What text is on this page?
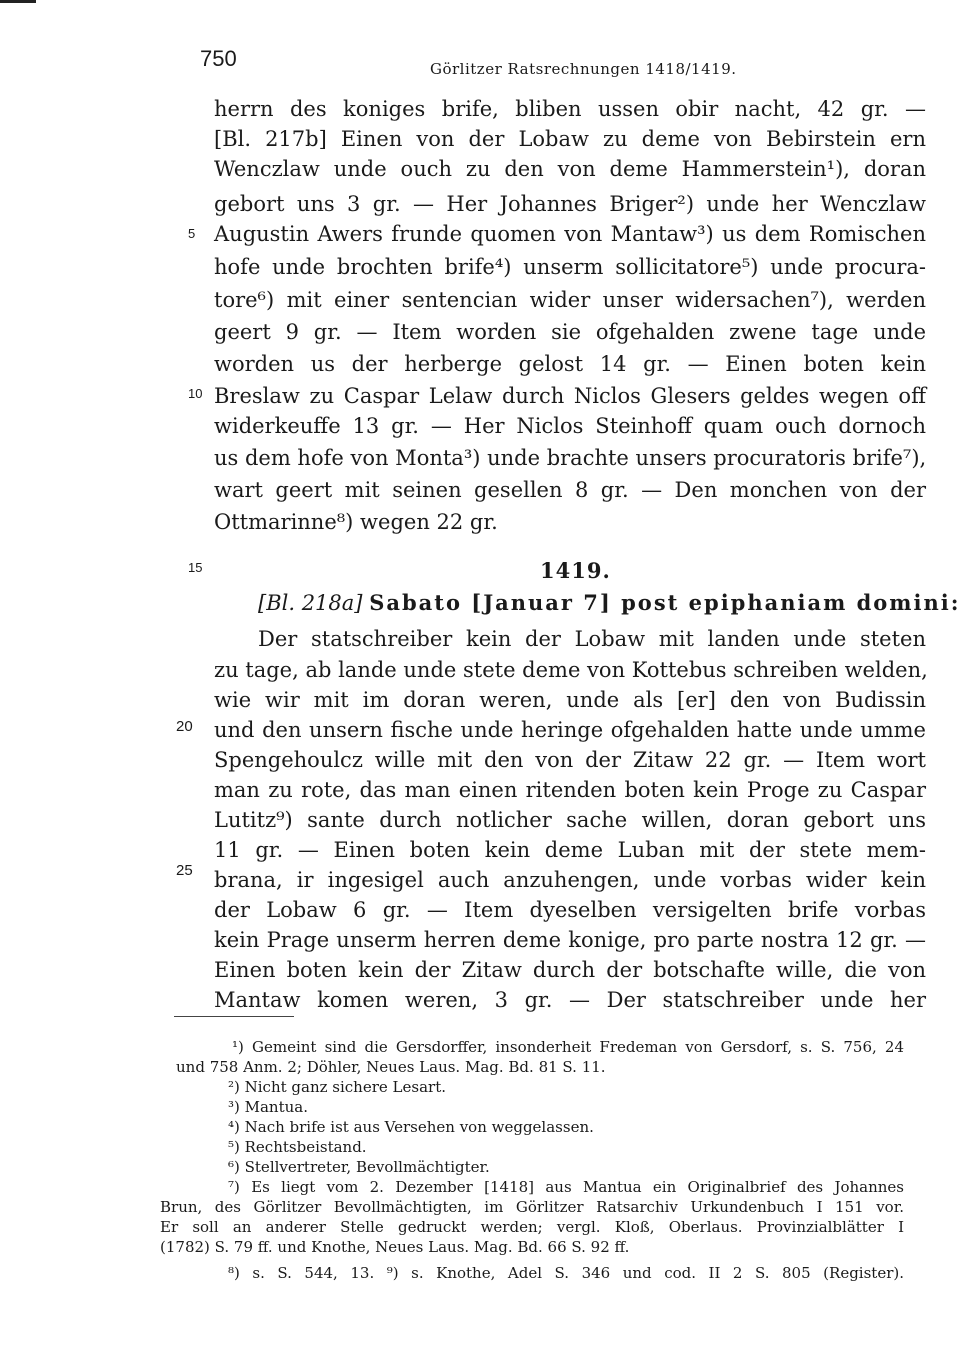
750	Görlitzer Ratsrechnungen 1418/1419.
herrn des koniges brife, bliben ussen obir nacht, 42 gr. —
[Bl. 217b] Einen von der Lobaw zu deme von Bebirstein ern
Wenczlaw unde ouch zu den von deme Hammerstein¹), doran
gebort uns 3 gr. — Her Johannes Briger²) unde her Wenczlaw
Augustin Awers frunde quomen von Mantaw³) us dem Romischen
hofe unde brochten brife⁴) unserm sollicitatore⁵) unde procura-
tore⁶) mit einer sentencian wider unser widersachen⁷), werden
geert 9 gr. — Item worden sie ofgehalden zwene tage unde
worden us der herberge gelost 14 gr. — Einen boten kein
Breslaw zu Caspar Lelaw durch Niclos Glesers geldes wegen off
widerkeuffe 13 gr. — Her Niclos Steinhoff quam ouch dornoch
us dem hofe von Monta³) unde brachte unsers procuratoris brife⁷),
wart geert mit seinen gesellen 8 gr. — Den monchen von der
Ottmarinne⁸) wegen 22 gr.
5
10
15
20
25
1419.
[Bl. 218a] Sabato [Januar 7] post epiphaniam domini:
Der statschreiber kein der Lobaw mit landen unde steten
zu tage, ab lande unde stete deme von Kottebus schreiben welden,
wie wir mit im doran weren, unde als [er] den von Budissin
und den unsern fische unde heringe ofgehalden hatte unde umme
Spengehoulcz wille mit den von der Zitaw 22 gr. — Item wort
man zu rote, das man einen ritenden boten kein Proge zu Caspar
Lutitz⁹) sante durch notlicher sache willen, doran gebort uns
11 gr. — Einen boten kein deme Luban mit der stete mem-
brana, ir ingesigel auch anzuhengen, unde vorbas wider kein
der Lobaw 6 gr. — Item dyeselben versigelten brife vorbas
kein Prage unserm herren deme konige, pro parte nostra 12 gr. —
Einen boten kein der Zitaw durch der botschafte wille, die von
Mantaw komen weren, 3 gr. — Der statschreiber unde her
¹) Gemeint sind die Gersdorffer, insonderheit Fredeman von Gersdorf, s. S. 756, 24
und 758 Anm. 2; Döhler, Neues Laus. Mag. Bd. 81 S. 11.
²) Nicht ganz sichere Lesart.
³) Mantua.
⁴) Nach brife ist aus Versehen von weggelassen.
⁵) Rechtsbeistand.
⁶) Stellvertreter, Bevollmächtigter.
⁷) Es liegt vom 2. Dezember [1418] aus Mantua ein Originalbrief des Johannes
Brun, des Görlitzer Bevollmächtigten, im Görlitzer Ratsarchiv Urkundenbuch I 151 vor.
Er soll an anderer Stelle gedruckt werden; vergl. Kloß, Oberlaus. Provinzialblätter I
(1782) S. 79 ff. und Knothe, Neues Laus. Mag. Bd. 66 S. 92 ff.
⁸) s. S. 544, 13. ⁹) s. Knothe, Adel S. 346 und cod. II 2 S. 805 (Register).
